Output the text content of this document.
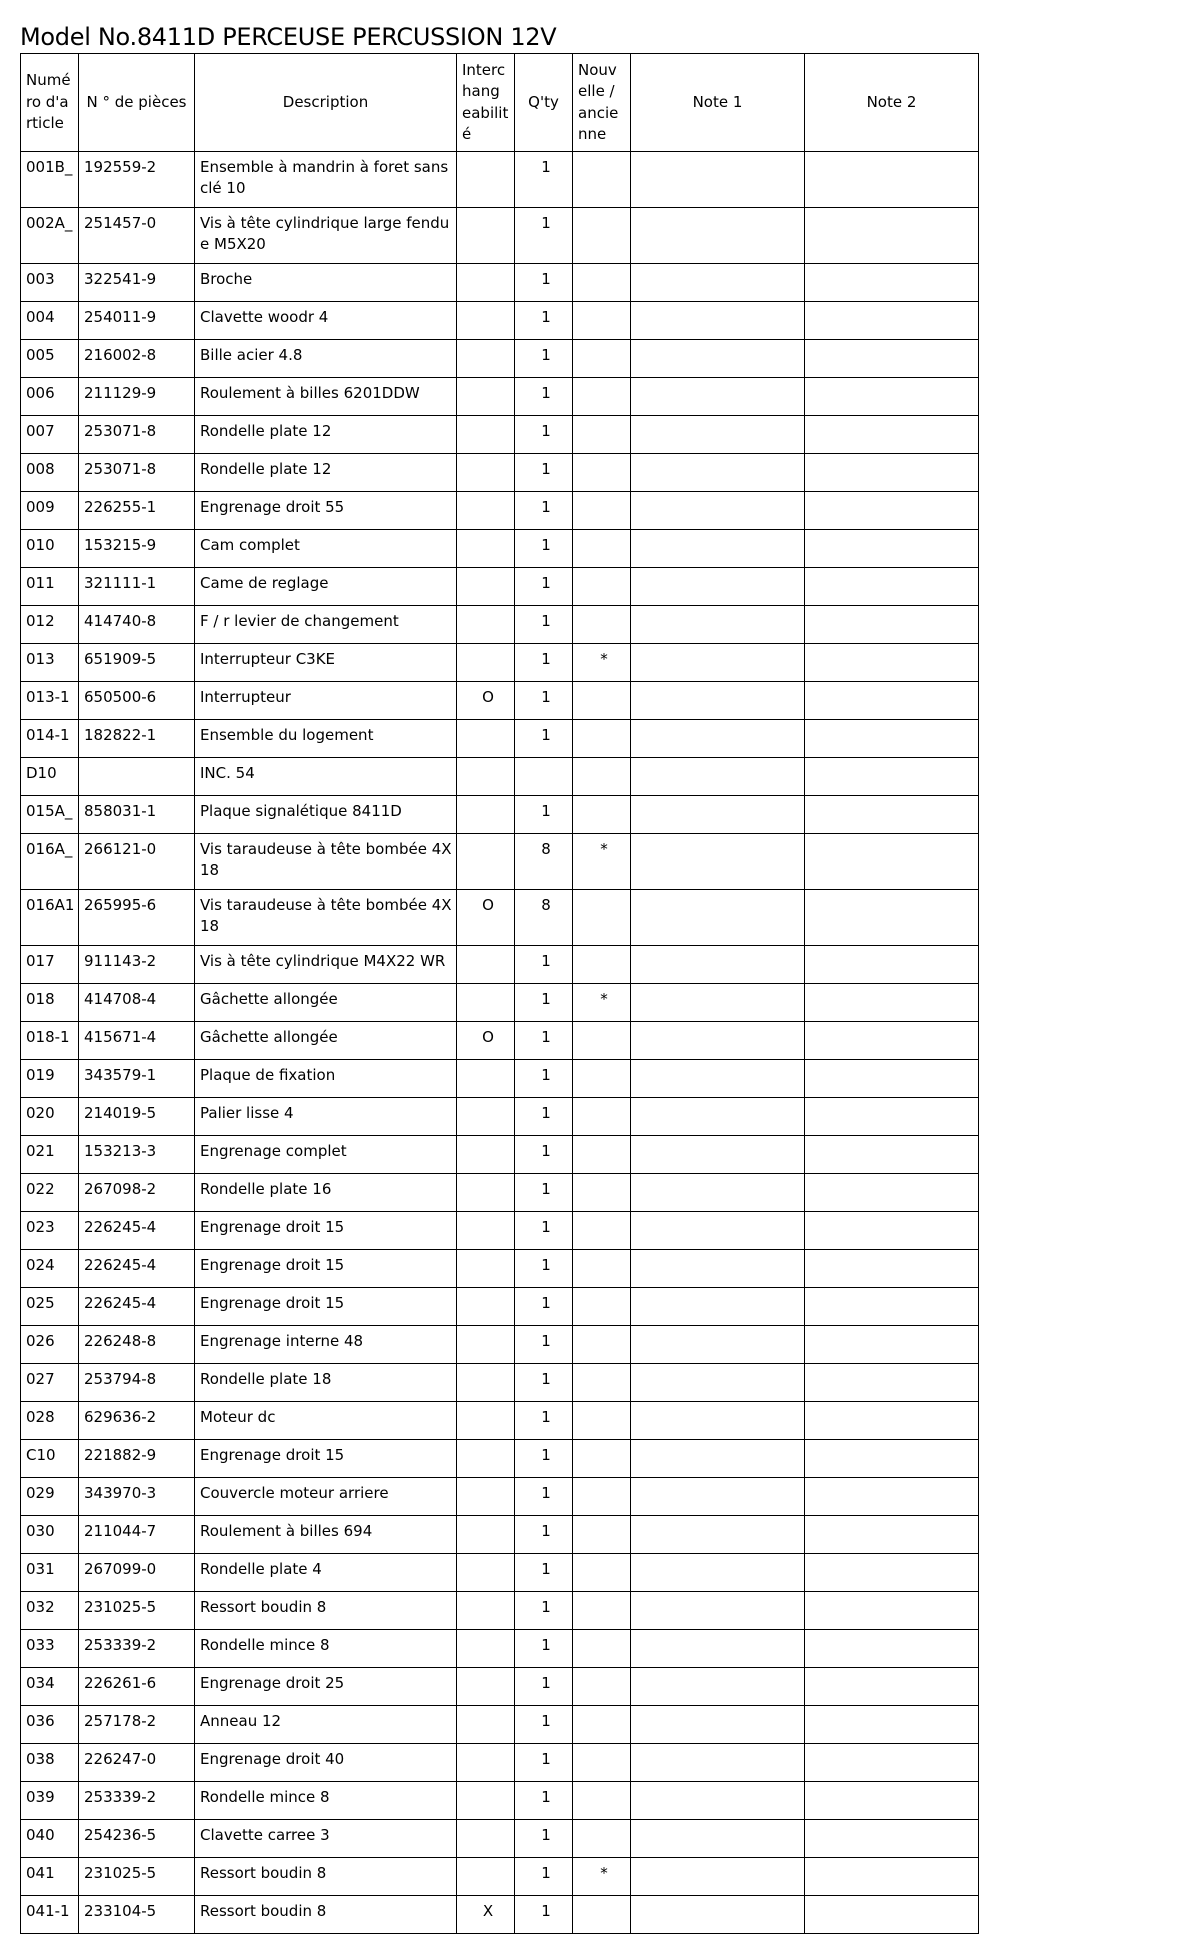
Model No.8411D PERCEUSE PERCUSSION 12V
Numé ro d'a rticle	N ° de pièces	Description	Interc hang eabilit é	Q'ty	Nouv elle / ancie nne	Note 1	Note 2
001B_	192559-2	Ensemble à mandrin à foret sans clé 10		1			
002A_	251457-0	Vis à tête cylindrique large fendu e M5X20		1			
003	322541-9	Broche		1			
004	254011-9	Clavette woodr 4		1			
005	216002-8	Bille acier 4.8		1			
006	211129-9	Roulement à billes 6201DDW		1			
007	253071-8	Rondelle plate 12		1			
008	253071-8	Rondelle plate 12		1			
009	226255-1	Engrenage droit 55		1			
010	153215-9	Cam complet		1			
011	321111-1	Came de reglage		1			
012	414740-8	F / r levier de changement		1			
013	651909-5	Interrupteur C3KE		1	*		
013-1	650500-6	Interrupteur	O	1			
014-1	182822-1	Ensemble du logement		1			
D10		INC. 54					
015A_	858031-1	Plaque signalétique 8411D		1			
016A_	266121-0	Vis taraudeuse à tête bombée 4X 18		8	*		
016A1	265995-6	Vis taraudeuse à tête bombée 4X 18	O	8			
017	911143-2	Vis à tête cylindrique M4X22 WR		1			
018	414708-4	Gâchette allongée		1	*		
018-1	415671-4	Gâchette allongée	O	1			
019	343579-1	Plaque de fixation		1			
020	214019-5	Palier lisse 4		1			
021	153213-3	Engrenage complet		1			
022	267098-2	Rondelle plate 16		1			
023	226245-4	Engrenage droit 15		1			
024	226245-4	Engrenage droit 15		1			
025	226245-4	Engrenage droit 15		1			
026	226248-8	Engrenage interne 48		1			
027	253794-8	Rondelle plate 18		1			
028	629636-2	Moteur dc		1			
C10	221882-9	Engrenage droit 15		1			
029	343970-3	Couvercle moteur arriere		1			
030	211044-7	Roulement à billes 694		1			
031	267099-0	Rondelle plate 4		1			
032	231025-5	Ressort boudin 8		1			
033	253339-2	Rondelle mince 8		1			
034	226261-6	Engrenage droit 25		1			
036	257178-2	Anneau 12		1			
038	226247-0	Engrenage droit 40		1			
039	253339-2	Rondelle mince 8		1			
040	254236-5	Clavette carree 3		1			
041	231025-5	Ressort boudin 8		1	*		
041-1	233104-5	Ressort boudin 8	X	1			
